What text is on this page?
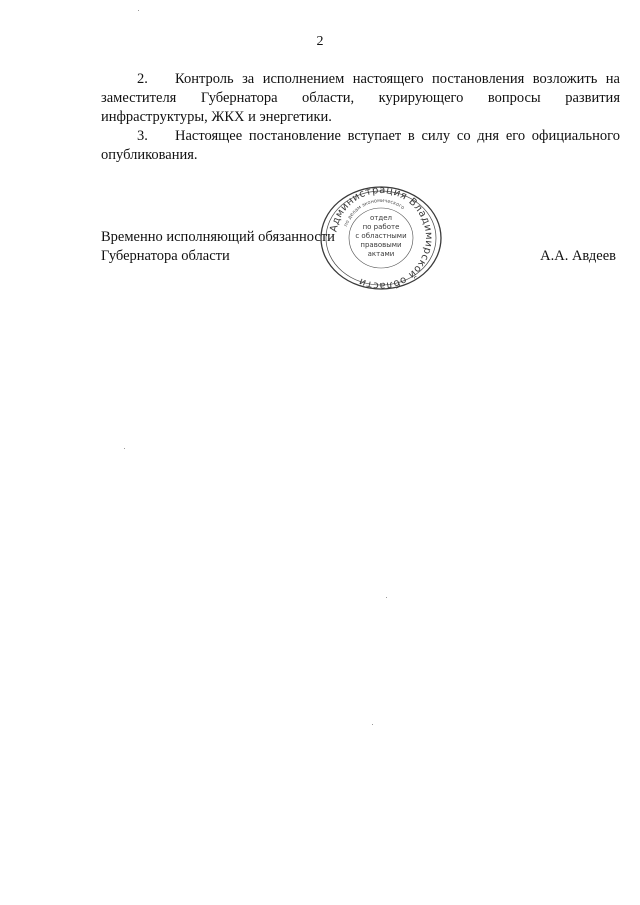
2

2. Контроль за исполнением настоящего постановления возложить на заместителя Губернатора области, курирующего вопросы развития инфраструктуры, ЖКХ и энергетики.

3. Настоящее постановление вступает в силу со дня его официального опубликования.

Временно исполняющий обязанности
Губернатора области	А.А. Авдеев
Администрация Владимирской области
по делам экономического
отдел
по работе
с областными
правовыми
актами
